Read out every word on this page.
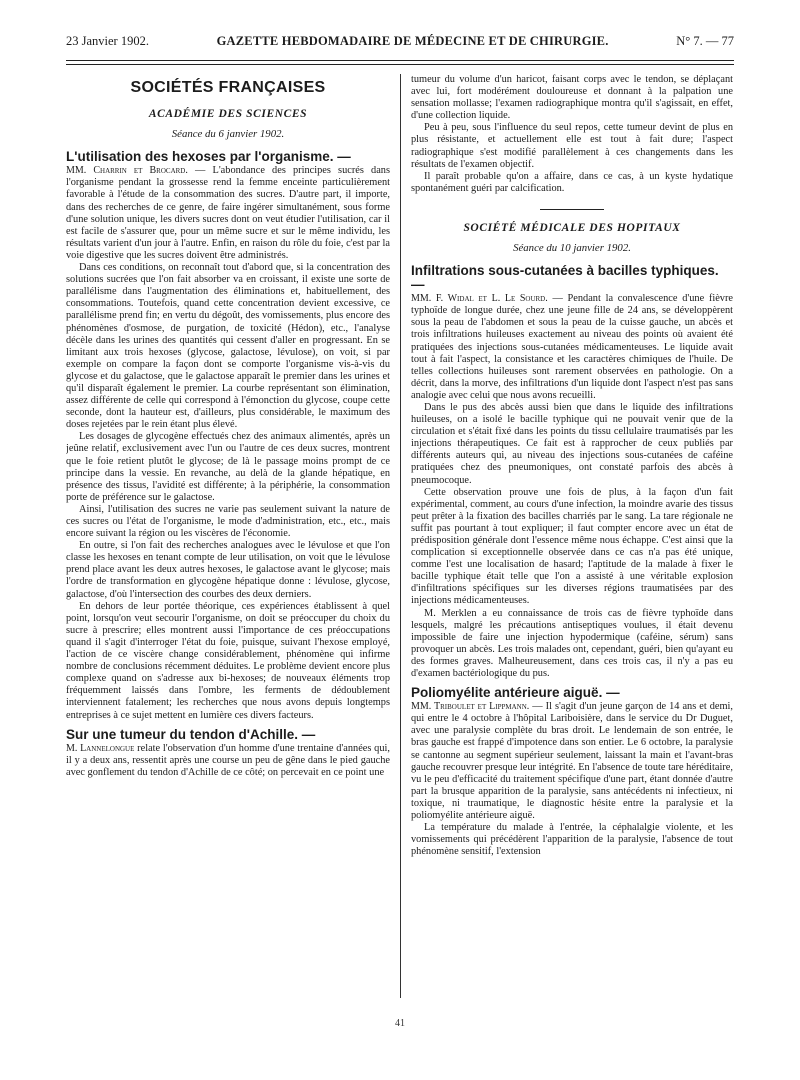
23 Janvier 1902.	GAZETTE HEBDOMADAIRE DE MÉDECINE ET DE CHIRURGIE.	N° 7. — 77
SOCIÉTÉS FRANÇAISES
ACADÉMIE DES SCIENCES
Séance du 6 janvier 1902.
L'utilisation des hexoses par l'organisme. —

MM. Charrin et Brocard. — L'abondance des principes sucrés dans l'organisme pendant la grossesse rend la femme enceinte particulièrement favorable à l'étude de la consommation des sucres. D'autre part, il importe, dans des recherches de ce genre, de faire ingérer simultanément, sous forme d'une solution unique, les divers sucres dont on veut étudier l'utilisation, car il est facile de s'assurer que, pour un même sucre et sur le même individu, les résultats varient d'un jour à l'autre. Enfin, en raison du rôle du foie, c'est par la voie digestive que les sucres doivent être administrés.

Dans ces conditions, on reconnaît tout d'abord que, si la concentration des solutions sucrées que l'on fait absorber va en croissant, il existe une sorte de parallélisme dans l'augmentation des éliminations et, habituellement, des consommations. Toutefois, quand cette concentration devient excessive, ce parallélisme prend fin; en vertu du dégoût, des vomissements, plus encore des phénomènes d'osmose, de purgation, de toxicité (Hédon), etc., l'analyse décèle dans les urines des quantités qui cessent d'aller en progressant. En se limitant aux trois hexoses (glycose, galactose, lévulose), on voit, si par exemple on compare la façon dont se comporte l'organisme vis-à-vis du glycose et du galactose, que le galactose apparaît le premier dans les urines et qu'il disparaît également le premier. La courbe représentant son élimination, assez différente de celle qui correspond à l'émonction du glycose, coupe cette seconde, dont la hauteur est, d'ailleurs, plus considérable, le maximum des doses rejetées par le rein étant plus élevé.

Les dosages de glycogène effectués chez des animaux alimentés, après un jeûne relatif, exclusivement avec l'un ou l'autre de ces deux sucres, montrent que le foie retient plutôt le glycose; de là le passage moins prompt de ce principe dans la vessie. En revanche, au delà de la glande hépatique, en présence des tissus, l'avidité est différente; à la périphérie, la consommation porte de préférence sur le galactose.

Ainsi, l'utilisation des sucres ne varie pas seulement suivant la nature de ces sucres ou l'état de l'organisme, le mode d'administration, etc., etc., mais encore suivant la région ou les viscères de l'économie.

En outre, si l'on fait des recherches analogues avec le lévulose et que l'on classe les hexoses en tenant compte de leur utilisation, on voit que le lévulose prend place avant les deux autres hexoses, le galactose avant le glycose; mais l'ordre de transformation en glycogène hépatique donne : lévulose, glycose, galactose, d'où l'intersection des courbes des deux derniers.

En dehors de leur portée théorique, ces expériences établissent à quel point, lorsqu'on veut secourir l'organisme, on doit se préoccuper du choix du sucre à prescrire; elles montrent aussi l'importance de ces préoccupations quand il s'agit d'interroger l'état du foie, puisque, suivant l'hexose employé, l'action de ce viscère change considérablement, phénomène qui infirme nombre de conclusions récemment déduites. Le problème devient encore plus complexe quand on s'adresse aux bi-hexoses; de nouveaux éléments trop fréquemment laissés dans l'ombre, les ferments de dédoublement interviennent fatalement; les recherches que nous avons depuis longtemps entreprises à ce sujet mettent en lumière ces divers facteurs.

Sur une tumeur du tendon d'Achille. —

M. Lannelongue relate l'observation d'un homme d'une trentaine d'années qui, il y a deux ans, ressentit après une course un peu de gêne dans le pied gauche avec gonflement du tendon d'Achille de ce côté; on percevait en ce point une

tumeur du volume d'un haricot, faisant corps avec le tendon, se déplaçant avec lui, fort modérément douloureuse et donnant à la palpation une sensation mollasse; l'examen radiographique montra qu'il s'agissait, en effet, d'une collection liquide.

Peu à peu, sous l'influence du seul repos, cette tumeur devint de plus en plus résistante, et actuellement elle est tout à fait dure; l'aspect radiographique s'est modifié parallèlement à ces changements dans les résultats de l'examen objectif.

Il paraît probable qu'on a affaire, dans ce cas, à un kyste hydatique spontanément guéri par calcification.

SOCIÉTÉ MÉDICALE DES HOPITAUX
Séance du 10 janvier 1902.
Infiltrations sous-cutanées à bacilles typhiques. —

MM. F. Widal et L. Le Sourd. — Pendant la convalescence d'une fièvre typhoïde de longue durée, chez une jeune fille de 24 ans, se développèrent sous la peau de l'abdomen et sous la peau de la cuisse gauche, un abcès et trois infiltrations huileuses exactement au niveau des points où avaient été pratiquées des injections sous-cutanées médicamenteuses. Le liquide avait tout à fait l'aspect, la consistance et les caractères chimiques de l'huile. De telles collections huileuses sont rarement observées en pathologie. On a décrit, dans la morve, des infiltrations d'un liquide dont l'aspect n'est pas sans analogie avec celui que nous avons recueilli.

Dans le pus des abcès aussi bien que dans le liquide des infiltrations huileuses, on a isolé le bacille typhique qui ne pouvait venir que de la circulation et s'était fixé dans les points du tissu cellulaire traumatisés par les injections thérapeutiques. Ce fait est à rapprocher de ceux publiés par différents auteurs qui, au niveau des injections sous-cutanées de caféine pratiquées chez des pneumoniques, ont constaté parfois des abcès à pneumocoque.

Cette observation prouve une fois de plus, à la façon d'un fait expérimental, comment, au cours d'une infection, la moindre avarie des tissus peut prêter à la fixation des bacilles charriés par le sang. La tare régionale ne suffit pas pourtant à tout expliquer; il faut compter encore avec un état de prédisposition générale dont l'essence même nous échappe. C'est ainsi que la complication si exceptionnelle observée dans ce cas n'a pas été unique, comme l'est une localisation de hasard; l'aptitude de la malade à fixer le bacille typhique était telle que l'on a assisté à une véritable explosion d'infiltrations spécifiques sur les diverses régions traumatisées par des injections médicamenteuses.

M. Merklen a eu connaissance de trois cas de fièvre typhoïde dans lesquels, malgré les précautions antiseptiques voulues, il était devenu impossible de faire une injection hypodermique (caféine, sérum) sans provoquer un abcès. Les trois malades ont, cependant, guéri, bien qu'ayant eu des formes graves. Malheureusement, dans ces trois cas, il n'y a pas eu d'examen bactériologique du pus.

Poliomyélite antérieure aiguë. —

MM. Triboulet et Lippmann. — Il s'agit d'un jeune garçon de 14 ans et demi, qui entre le 4 octobre à l'hôpital Lariboisière, dans le service du Dr Duguet, avec une paralysie complète du bras droit. Le lendemain de son entrée, le bras gauche est frappé d'impotence dans son entier. Le 6 octobre, la paralysie se cantonne au segment supérieur seulement, laissant la main et l'avant-bras gauche recouvrer presque leur intégrité. En l'absence de toute tare héréditaire, vu le peu d'efficacité du traitement spécifique d'une part, étant donnée d'autre part la brusque apparition de la paralysie, sans antécédents ni infectieux, ni toxique, ni traumatique, le diagnostic hésite entre la paralysie et la poliomyélite antérieure aiguë.

La température du malade à l'entrée, la céphalalgie violente, et les vomissements qui précédèrent l'apparition de la paralysie, l'absence de tout phénomène sensitif, l'extension

41
